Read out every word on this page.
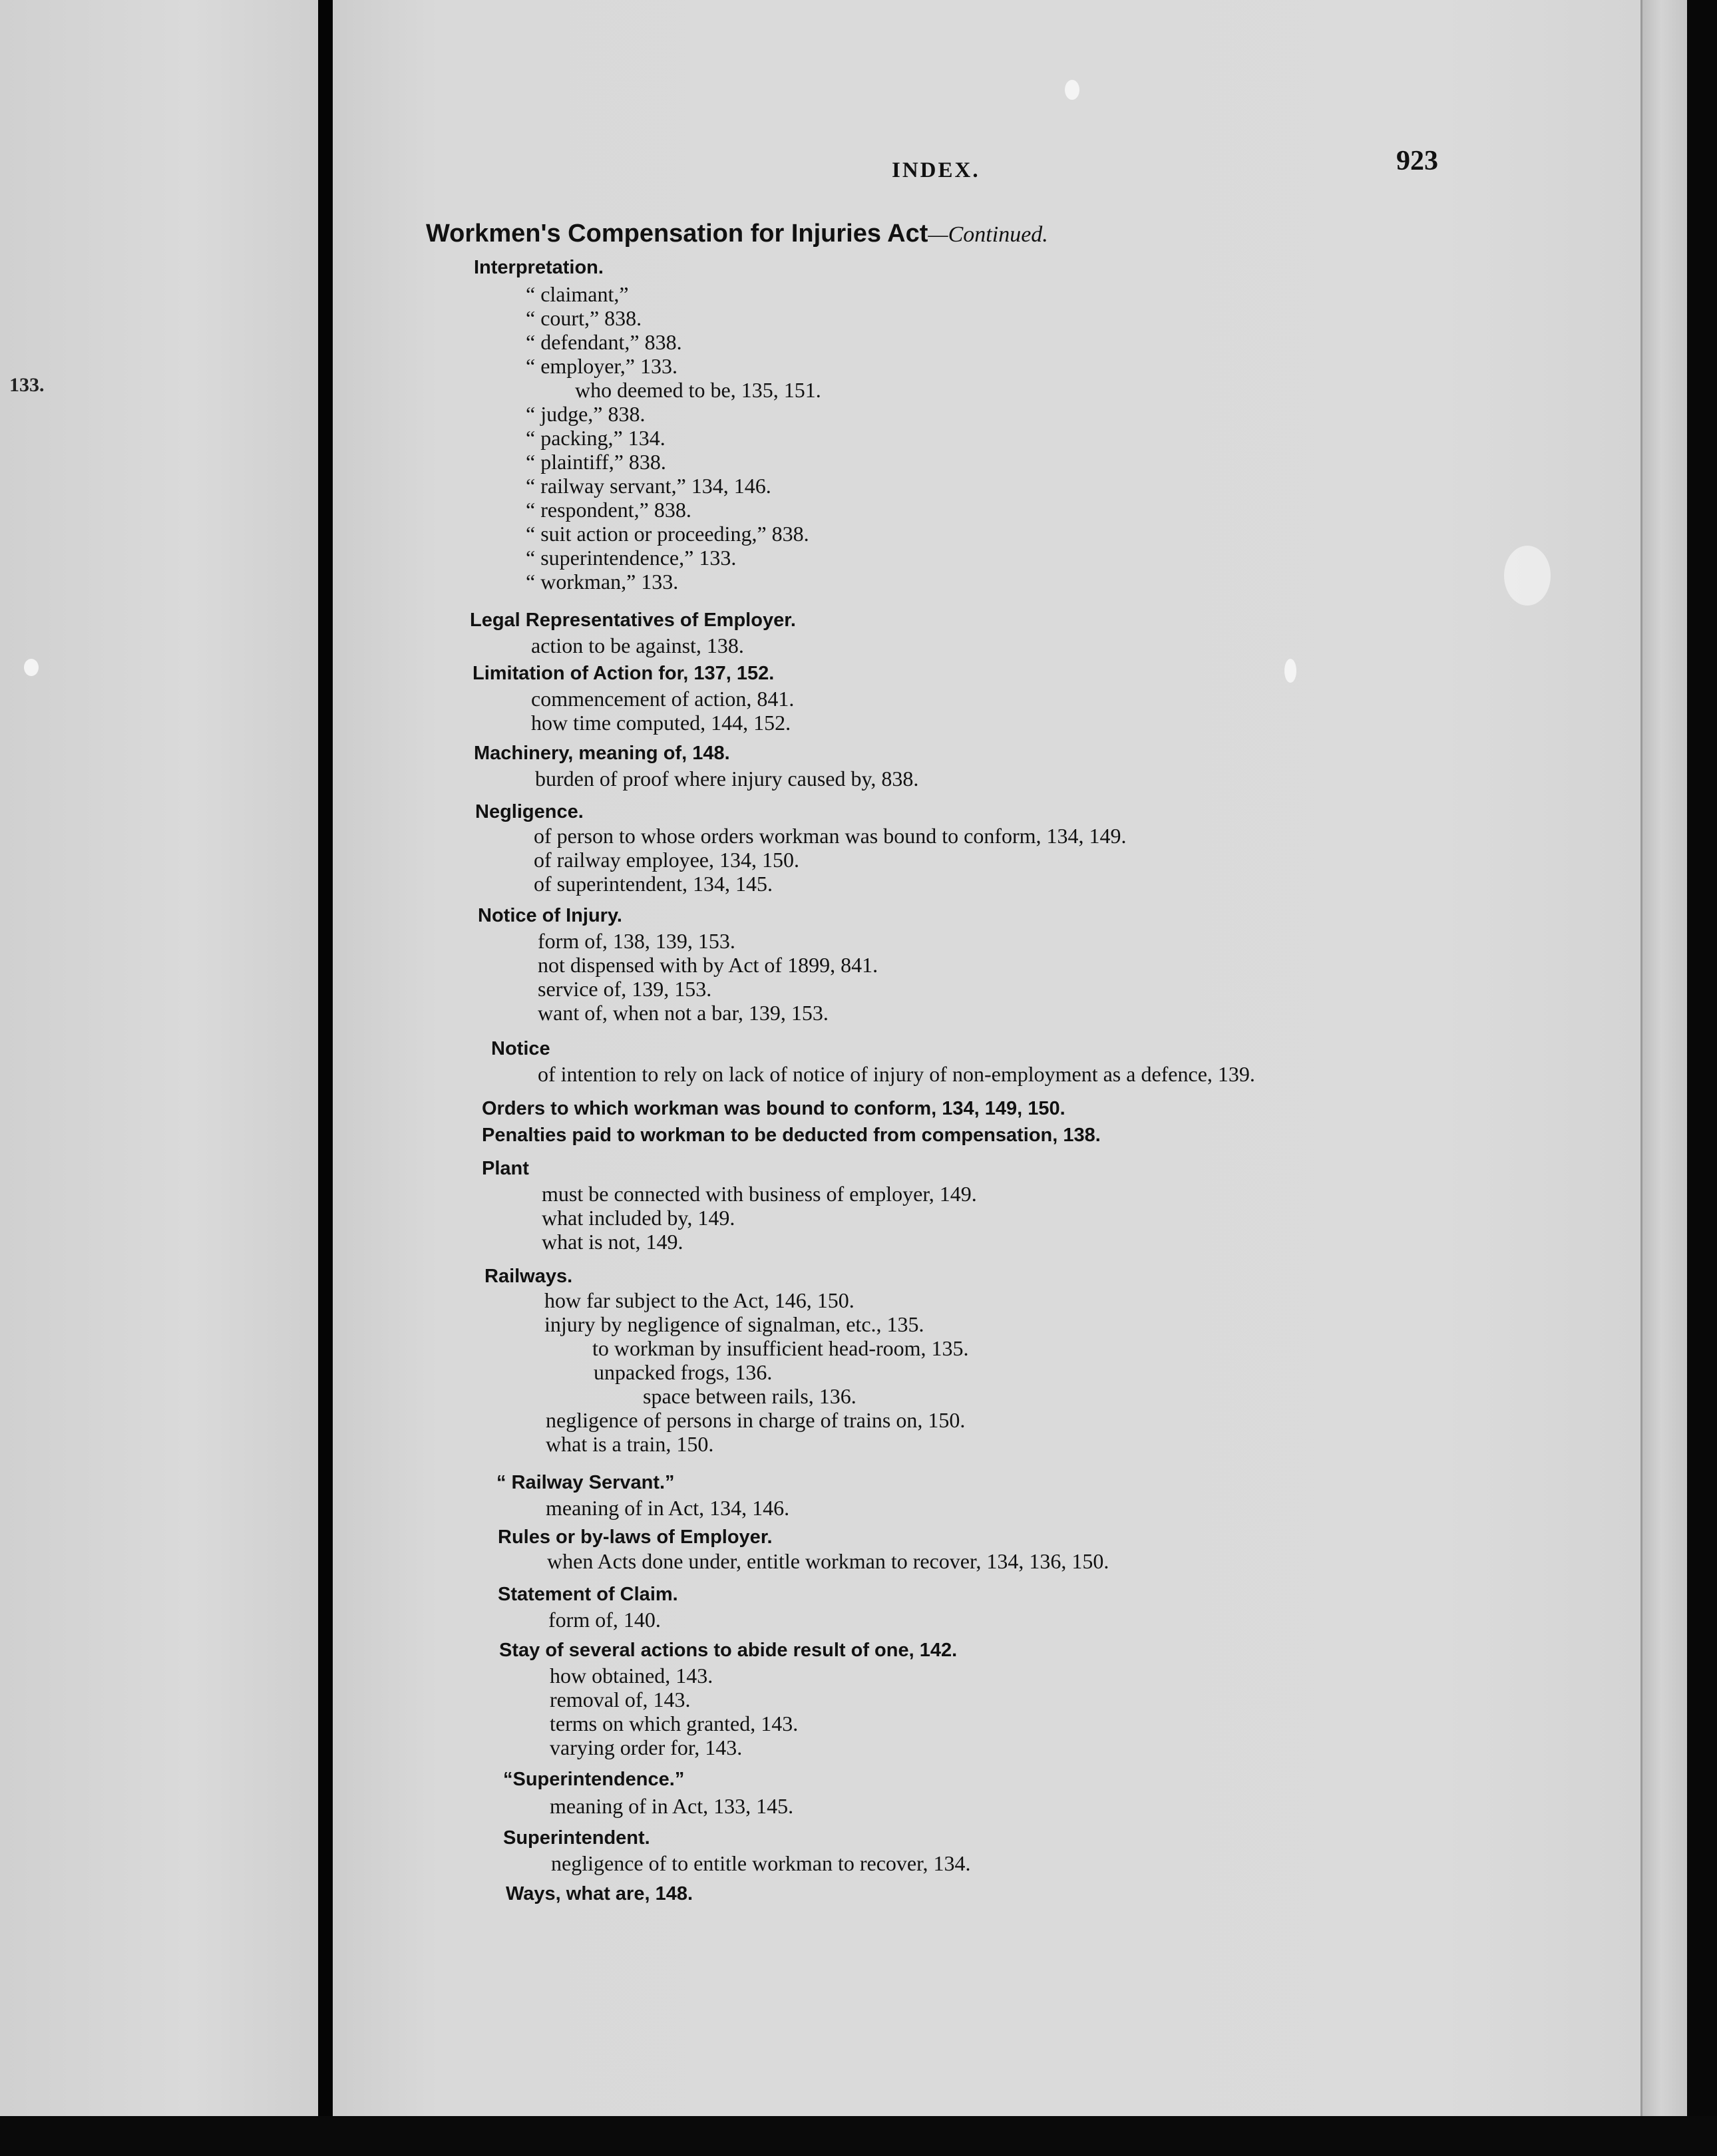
133.
INDEX.	923
Workmen's Compensation for Injuries Act—Continued.
Interpretation.
“ claimant,”
“ court,” 838.
“ defendant,” 838.
“ employer,” 133.
who deemed to be, 135, 151.
“ judge,” 838.
“ packing,” 134.
“ plaintiff,” 838.
“ railway servant,” 134, 146.
“ respondent,” 838.
“ suit action or proceeding,” 838.
“ superintendence,” 133.
“ workman,” 133.
Legal Representatives of Employer.
action to be against, 138.
Limitation of Action for, 137, 152.
commencement of action, 841.
how time computed, 144, 152.
Machinery, meaning of, 148.
burden of proof where injury caused by, 838.
Negligence.
of person to whose orders workman was bound to conform, 134, 149.
of railway employee, 134, 150.
of superintendent, 134, 145.
Notice of Injury.
form of, 138, 139, 153.
not dispensed with by Act of 1899, 841.
service of, 139, 153.
want of, when not a bar, 139, 153.
Notice
of intention to rely on lack of notice of injury of non-employment as a defence, 139.
Orders to which workman was bound to conform, 134, 149, 150.
Penalties paid to workman to be deducted from compensation, 138.
Plant
must be connected with business of employer, 149.
what included by, 149.
what is not, 149.
Railways.
how far subject to the Act, 146, 150.
injury by negligence of signalman, etc., 135.
to workman by insufficient head-room, 135.
unpacked frogs, 136.
space between rails, 136.
negligence of persons in charge of trains on, 150.
what is a train, 150.
“ Railway Servant.”
meaning of in Act, 134, 146.
Rules or by-laws of Employer.
when Acts done under, entitle workman to recover, 134, 136, 150.
Statement of Claim.
form of, 140.
Stay of several actions to abide result of one, 142.
how obtained, 143.
removal of, 143.
terms on which granted, 143.
varying order for, 143.
“Superintendence.”
meaning of in Act, 133, 145.
Superintendent.
negligence of to entitle workman to recover, 134.
Ways, what are, 148.
